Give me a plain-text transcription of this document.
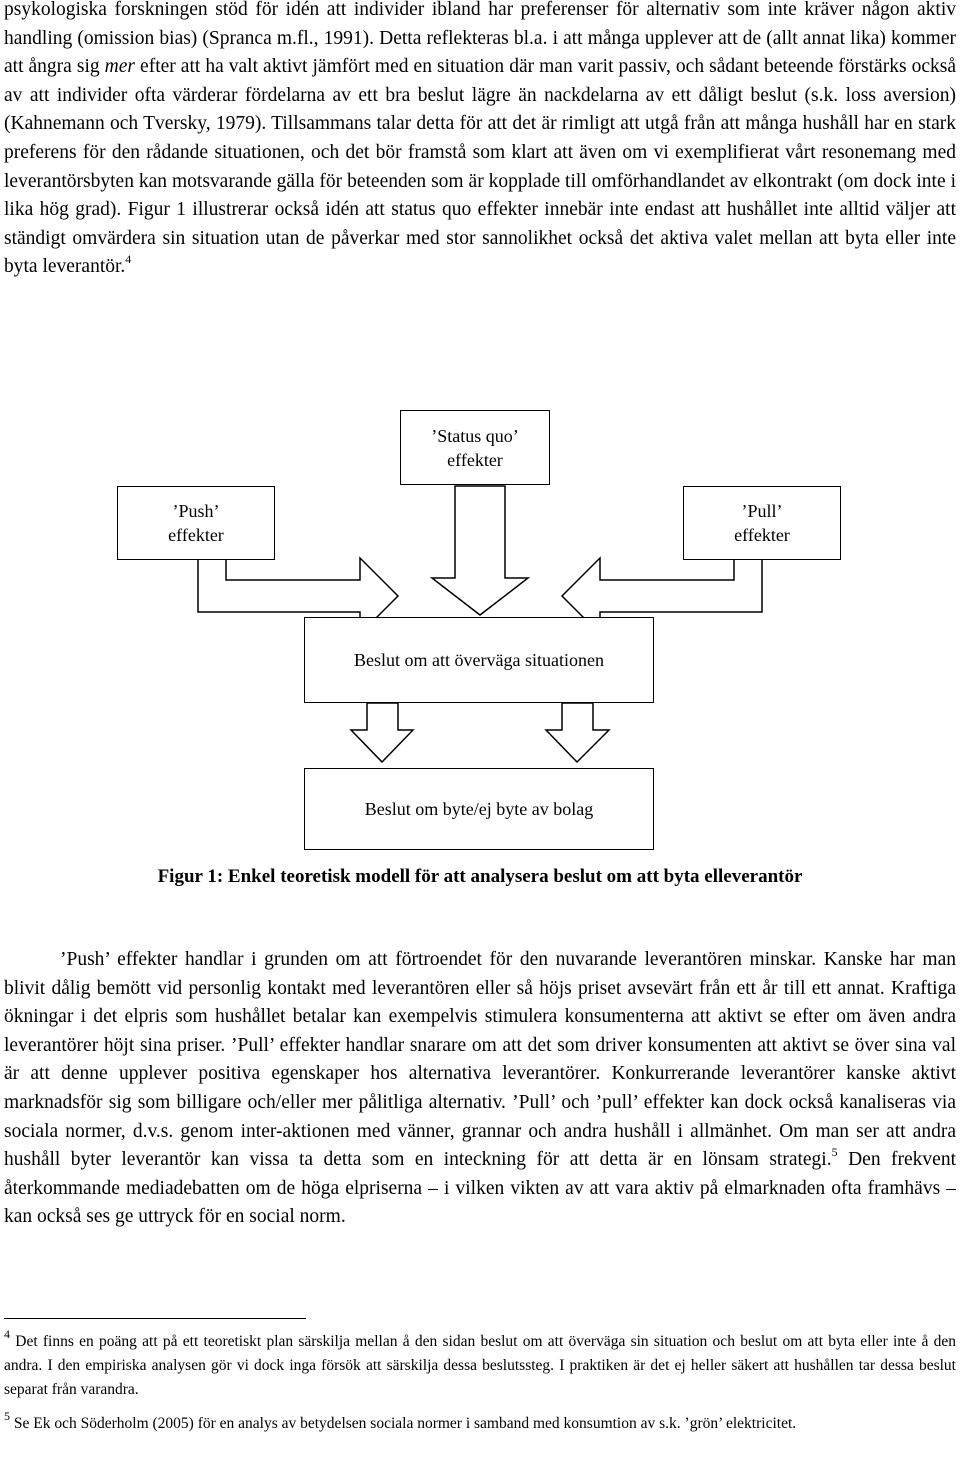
psykologiska forskningen stöd för idén att individer ibland har preferenser för alternativ som inte kräver någon aktiv handling (omission bias) (Spranca m.fl., 1991). Detta reflekteras bl.a. i att många upplever att de (allt annat lika) kommer att ångra sig mer efter att ha valt aktivt jämfört med en situation där man varit passiv, och sådant beteende förstärks också av att individer ofta värderar fördelarna av ett bra beslut lägre än nackdelarna av ett dåligt beslut (s.k. loss aversion) (Kahnemann och Tversky, 1979). Tillsammans talar detta för att det är rimligt att utgå från att många hushåll har en stark preferens för den rådande situationen, och det bör framstå som klart att även om vi exemplifierat vårt resonemang med leverantörsbyten kan motsvarande gälla för beteenden som är kopplade till omförhandlandet av elkontrakt (om dock inte i lika hög grad). Figur 1 illustrerar också idén att status quo effekter innebär inte endast att hushållet inte alltid väljer att ständigt omvärdera sin situation utan de påverkar med stor sannolikhet också det aktiva valet mellan att byta eller inte byta leverantör.$^4$

’Status quo’
effekter
’Push’
effekter
’Pull’
effekter
Beslut om att överväga situationen
Beslut om byte/ej byte av bolag
Figur 1: Enkel teoretisk modell för att analysera beslut om att byta elleverantör

’Push’ effekter handlar i grunden om att förtroendet för den nuvarande leverantören minskar. Kanske har man blivit dålig bemött vid personlig kontakt med leverantören eller så höjs priset avsevärt från ett år till ett annat. Kraftiga ökningar i det elpris som hushållet betalar kan exempelvis stimulera konsumenterna att aktivt se efter om även andra leverantörer höjt sina priser. ’Pull’ effekter handlar snarare om att det som driver konsumenten att aktivt se över sina val är att denne upplever positiva egenskaper hos alternativa leverantörer. Konkurrerande leverantörer kanske aktivt marknadsför sig som billigare och/eller mer pålitliga alternativ. ’Pull’ och ’pull’ effekter kan dock också kanaliseras via sociala normer, d.v.s. genom inter-aktionen med vänner, grannar och andra hushåll i allmänhet. Om man ser att andra hushåll byter leverantör kan vissa ta detta som en inteckning för att detta är en lönsam strategi.$^5$ Den frekvent återkommande mediadebatten om de höga elpriserna – i vilken vikten av att vara aktiv på elmarknaden ofta framhävs – kan också ses ge uttryck för en social norm.

$^4$ Det finns en poäng att på ett teoretiskt plan särskilja mellan å den sidan beslut om att överväga sin situation och beslut om att byta eller inte å den andra. I den empiriska analysen gör vi dock inga försök att särskilja dessa beslutssteg. I praktiken är det ej heller säkert att hushållen tar dessa beslut separat från varandra.

$^5$ Se Ek och Söderholm (2005) för en analys av betydelsen sociala normer i samband med konsumtion av s.k. ’grön’ elektricitet.
